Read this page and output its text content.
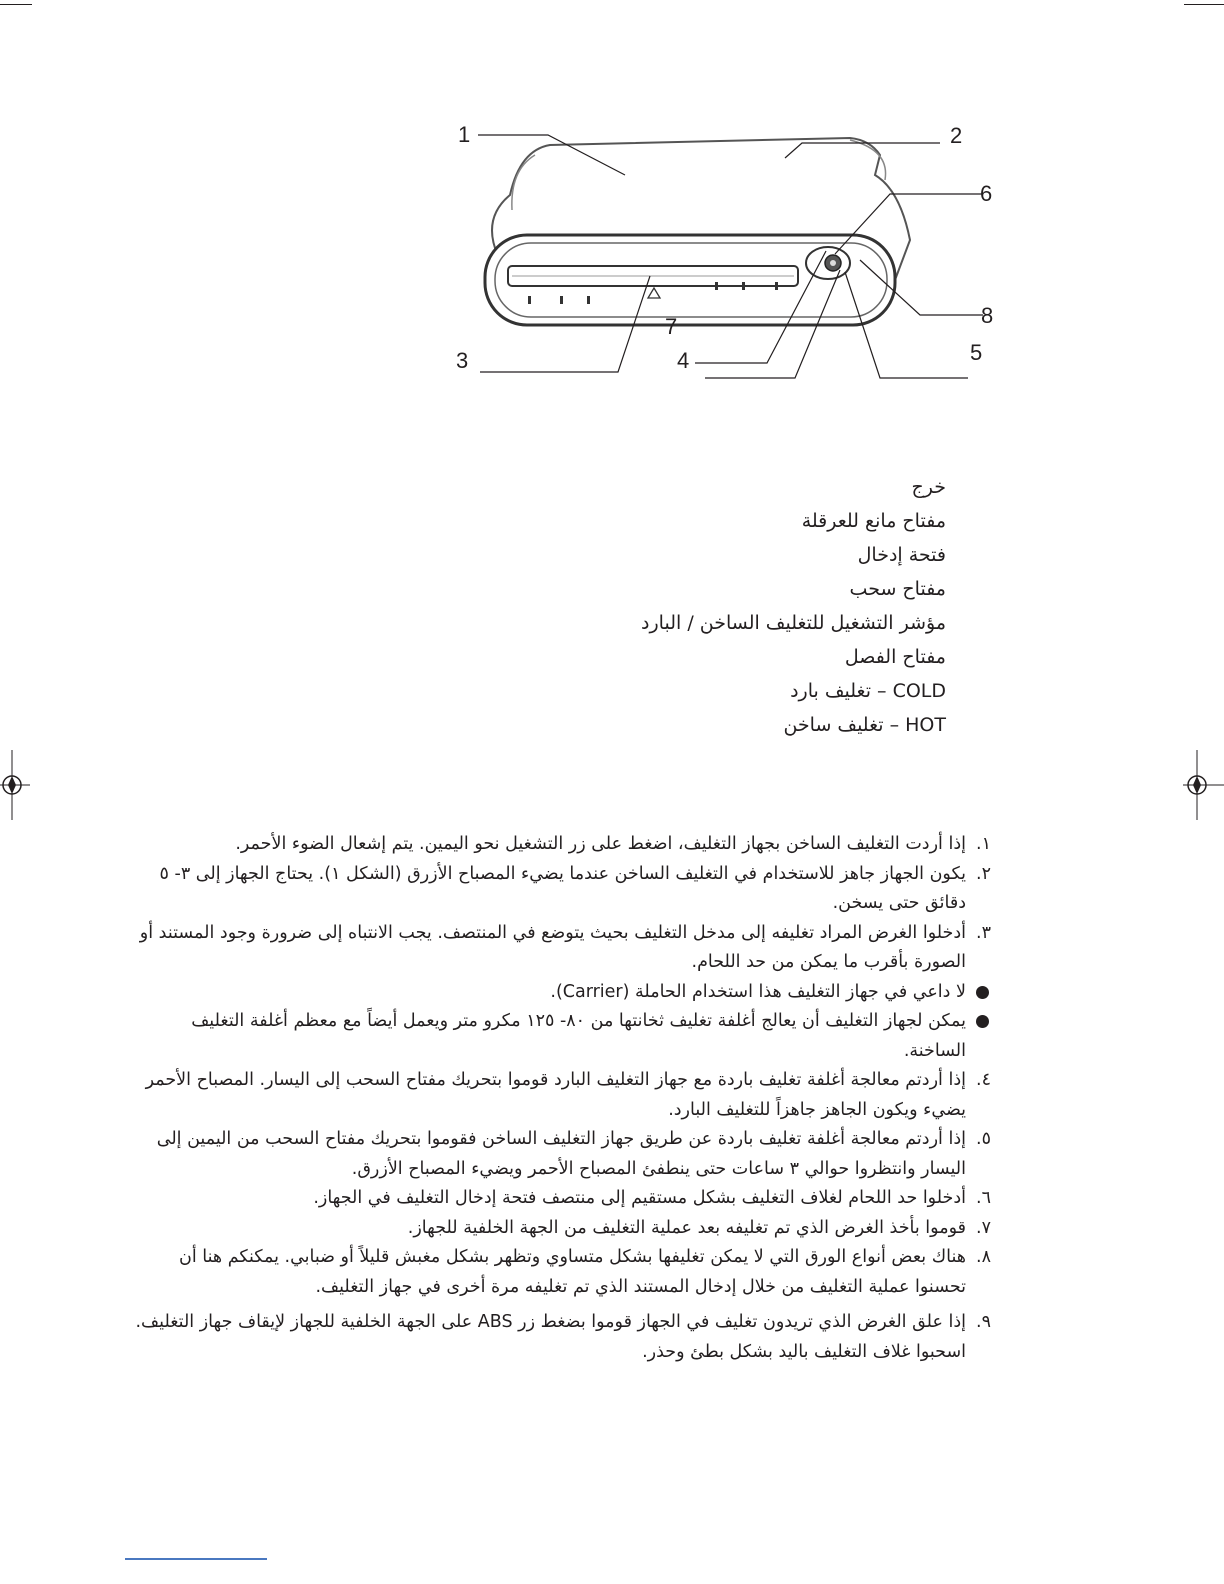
1	2
6
8
7
5
4
3
خرج
مفتاح مانع للعرقلة
فتحة إدخال
مفتاح سحب
مؤشر التشغيل للتغليف الساخن / البارد
مفتاح الفصل
COLD – تغليف بارد
HOT – تغليف ساخن
١.
إذا أردت التغليف الساخن بجهاز التغليف، اضغط على زر التشغيل نحو اليمين. يتم إشعال الضوء الأحمر.
٢.
يكون الجهاز جاهز للاستخدام في التغليف الساخن عندما يضيء المصباح الأزرق (الشكل ١). يحتاج الجهاز إلى ٣- ٥ دقائق حتى يسخن.
٣.
أدخلوا الغرض المراد تغليفه إلى مدخل التغليف بحيث يتوضع في المنتصف. يجب الانتباه إلى ضرورة وجود المستند أو الصورة بأقرب ما يمكن من حد اللحام.
لا داعي في جهاز التغليف هذا استخدام الحاملة (Carrier).
يمكن لجهاز التغليف أن يعالج أغلفة تغليف ثخانتها من ٨٠- ١٢٥ مكرو متر ويعمل أيضاً مع معظم أغلفة التغليف الساخنة.
٤.
إذا أردتم معالجة أغلفة تغليف باردة مع جهاز التغليف البارد قوموا بتحريك مفتاح السحب إلى اليسار. المصباح الأحمر يضيء ويكون الجاهز جاهزاً للتغليف البارد.
٥.
إذا أردتم معالجة أغلفة تغليف باردة عن طريق جهاز التغليف الساخن فقوموا بتحريك مفتاح السحب من اليمين إلى اليسار وانتظروا حوالي ٣ ساعات حتى ينطفئ المصباح الأحمر ويضيء المصباح الأزرق.
٦.
أدخلوا حد اللحام لغلاف التغليف بشكل مستقيم إلى منتصف فتحة إدخال التغليف في الجهاز.
٧.
قوموا بأخذ الغرض الذي تم تغليفه بعد عملية التغليف من الجهة الخلفية للجهاز.
٨.
هناك بعض أنواع الورق التي لا يمكن تغليفها بشكل متساوي وتظهر بشكل مغبش قليلاً أو ضبابي. يمكنكم هنا أن تحسنوا عملية التغليف من خلال إدخال المستند الذي تم تغليفه مرة أخرى في جهاز التغليف.
٩.
إذا علق الغرض الذي تريدون تغليف في الجهاز قوموا بضغط زر ABS على الجهة الخلفية للجهاز لإيقاف جهاز التغليف. اسحبوا غلاف التغليف باليد بشكل بطئ وحذر.
